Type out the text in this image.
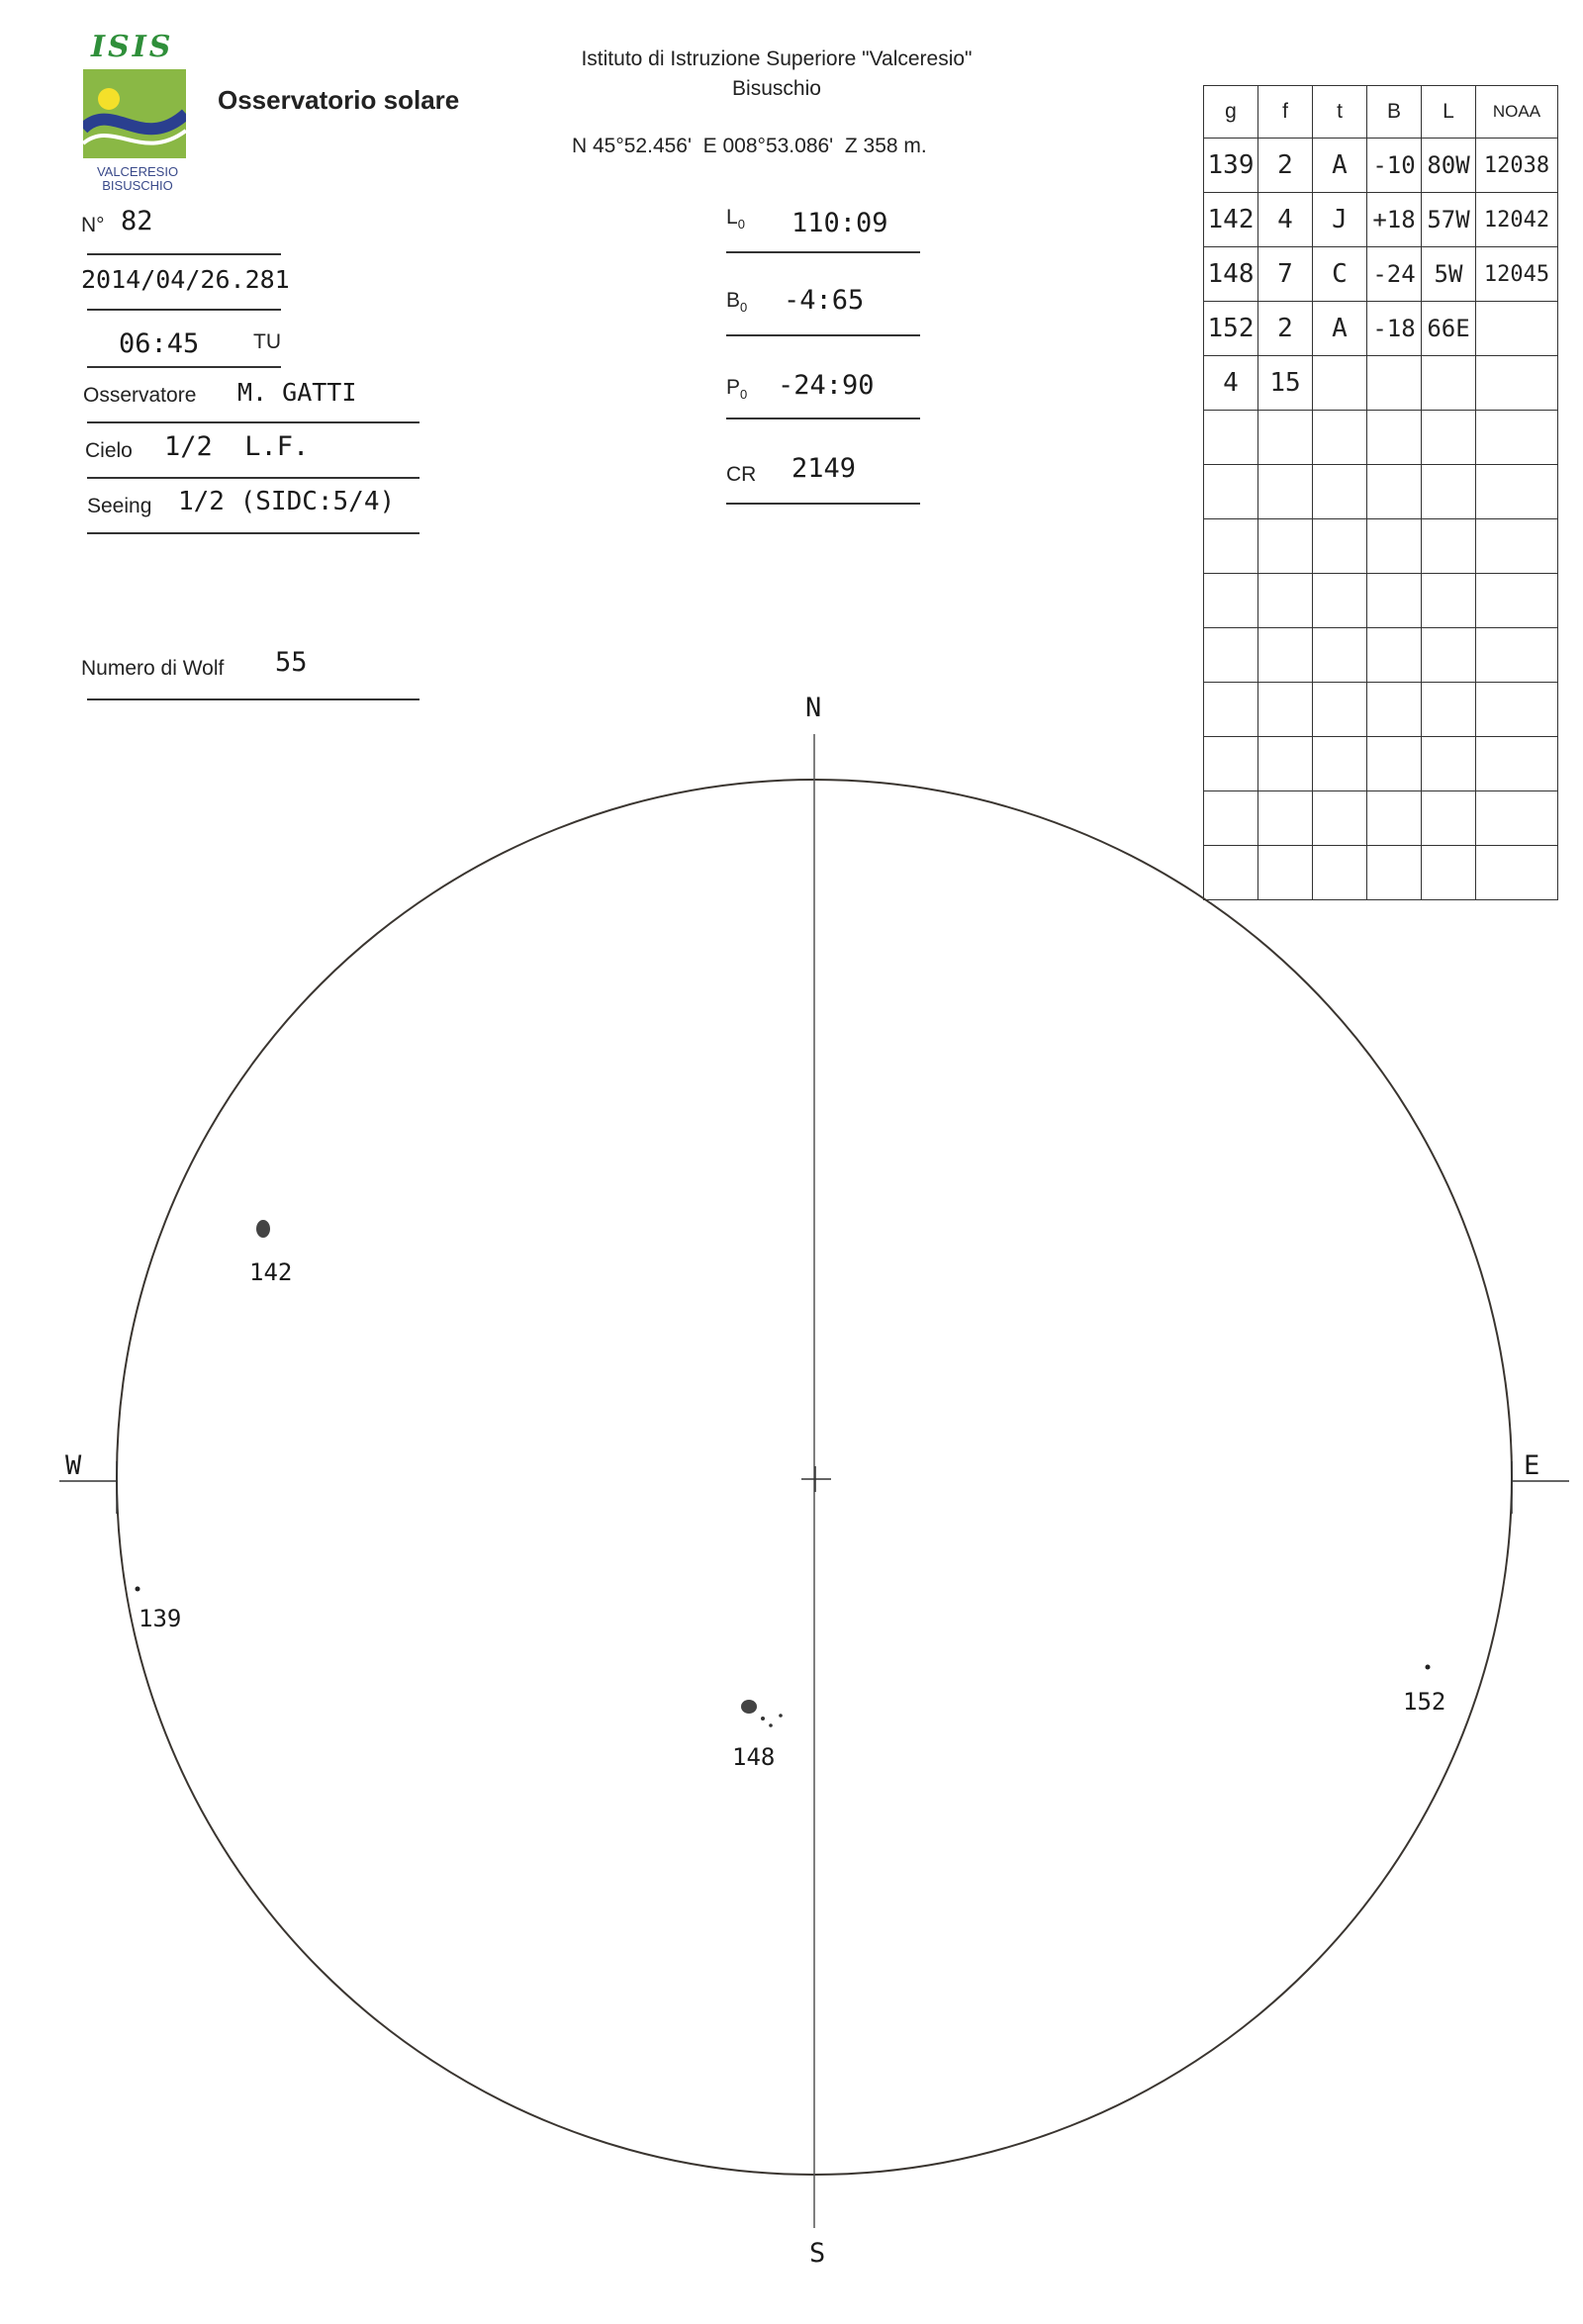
ISIS
VALCERESIO
BISUSCHIO
Osservatorio solare
Istituto di Istruzione Superiore "Valceresio"
Bisuschio
N 45°52.456'  E 008°53.086'  Z 358 m.
N° 82
2014/04/26.281
06:45	TU
Osservatore M. GATTI
Cielo 1/2  L.F.
Seeing 1/2 (SIDC:5/4)
Numero di Wolf 55
$L_0$ 110:09
$B_0$ -4:65
$P_0$ -24:90
CR 2149
g	f	t	B	L	NOAA
139	2	A	-10	80W	12038
142	4	J	+18	57W	12042
148	7	C	-24	5W	12045
152	2	A	-18	66E	
4	15				

N
S
W	E
142
139
148
152
